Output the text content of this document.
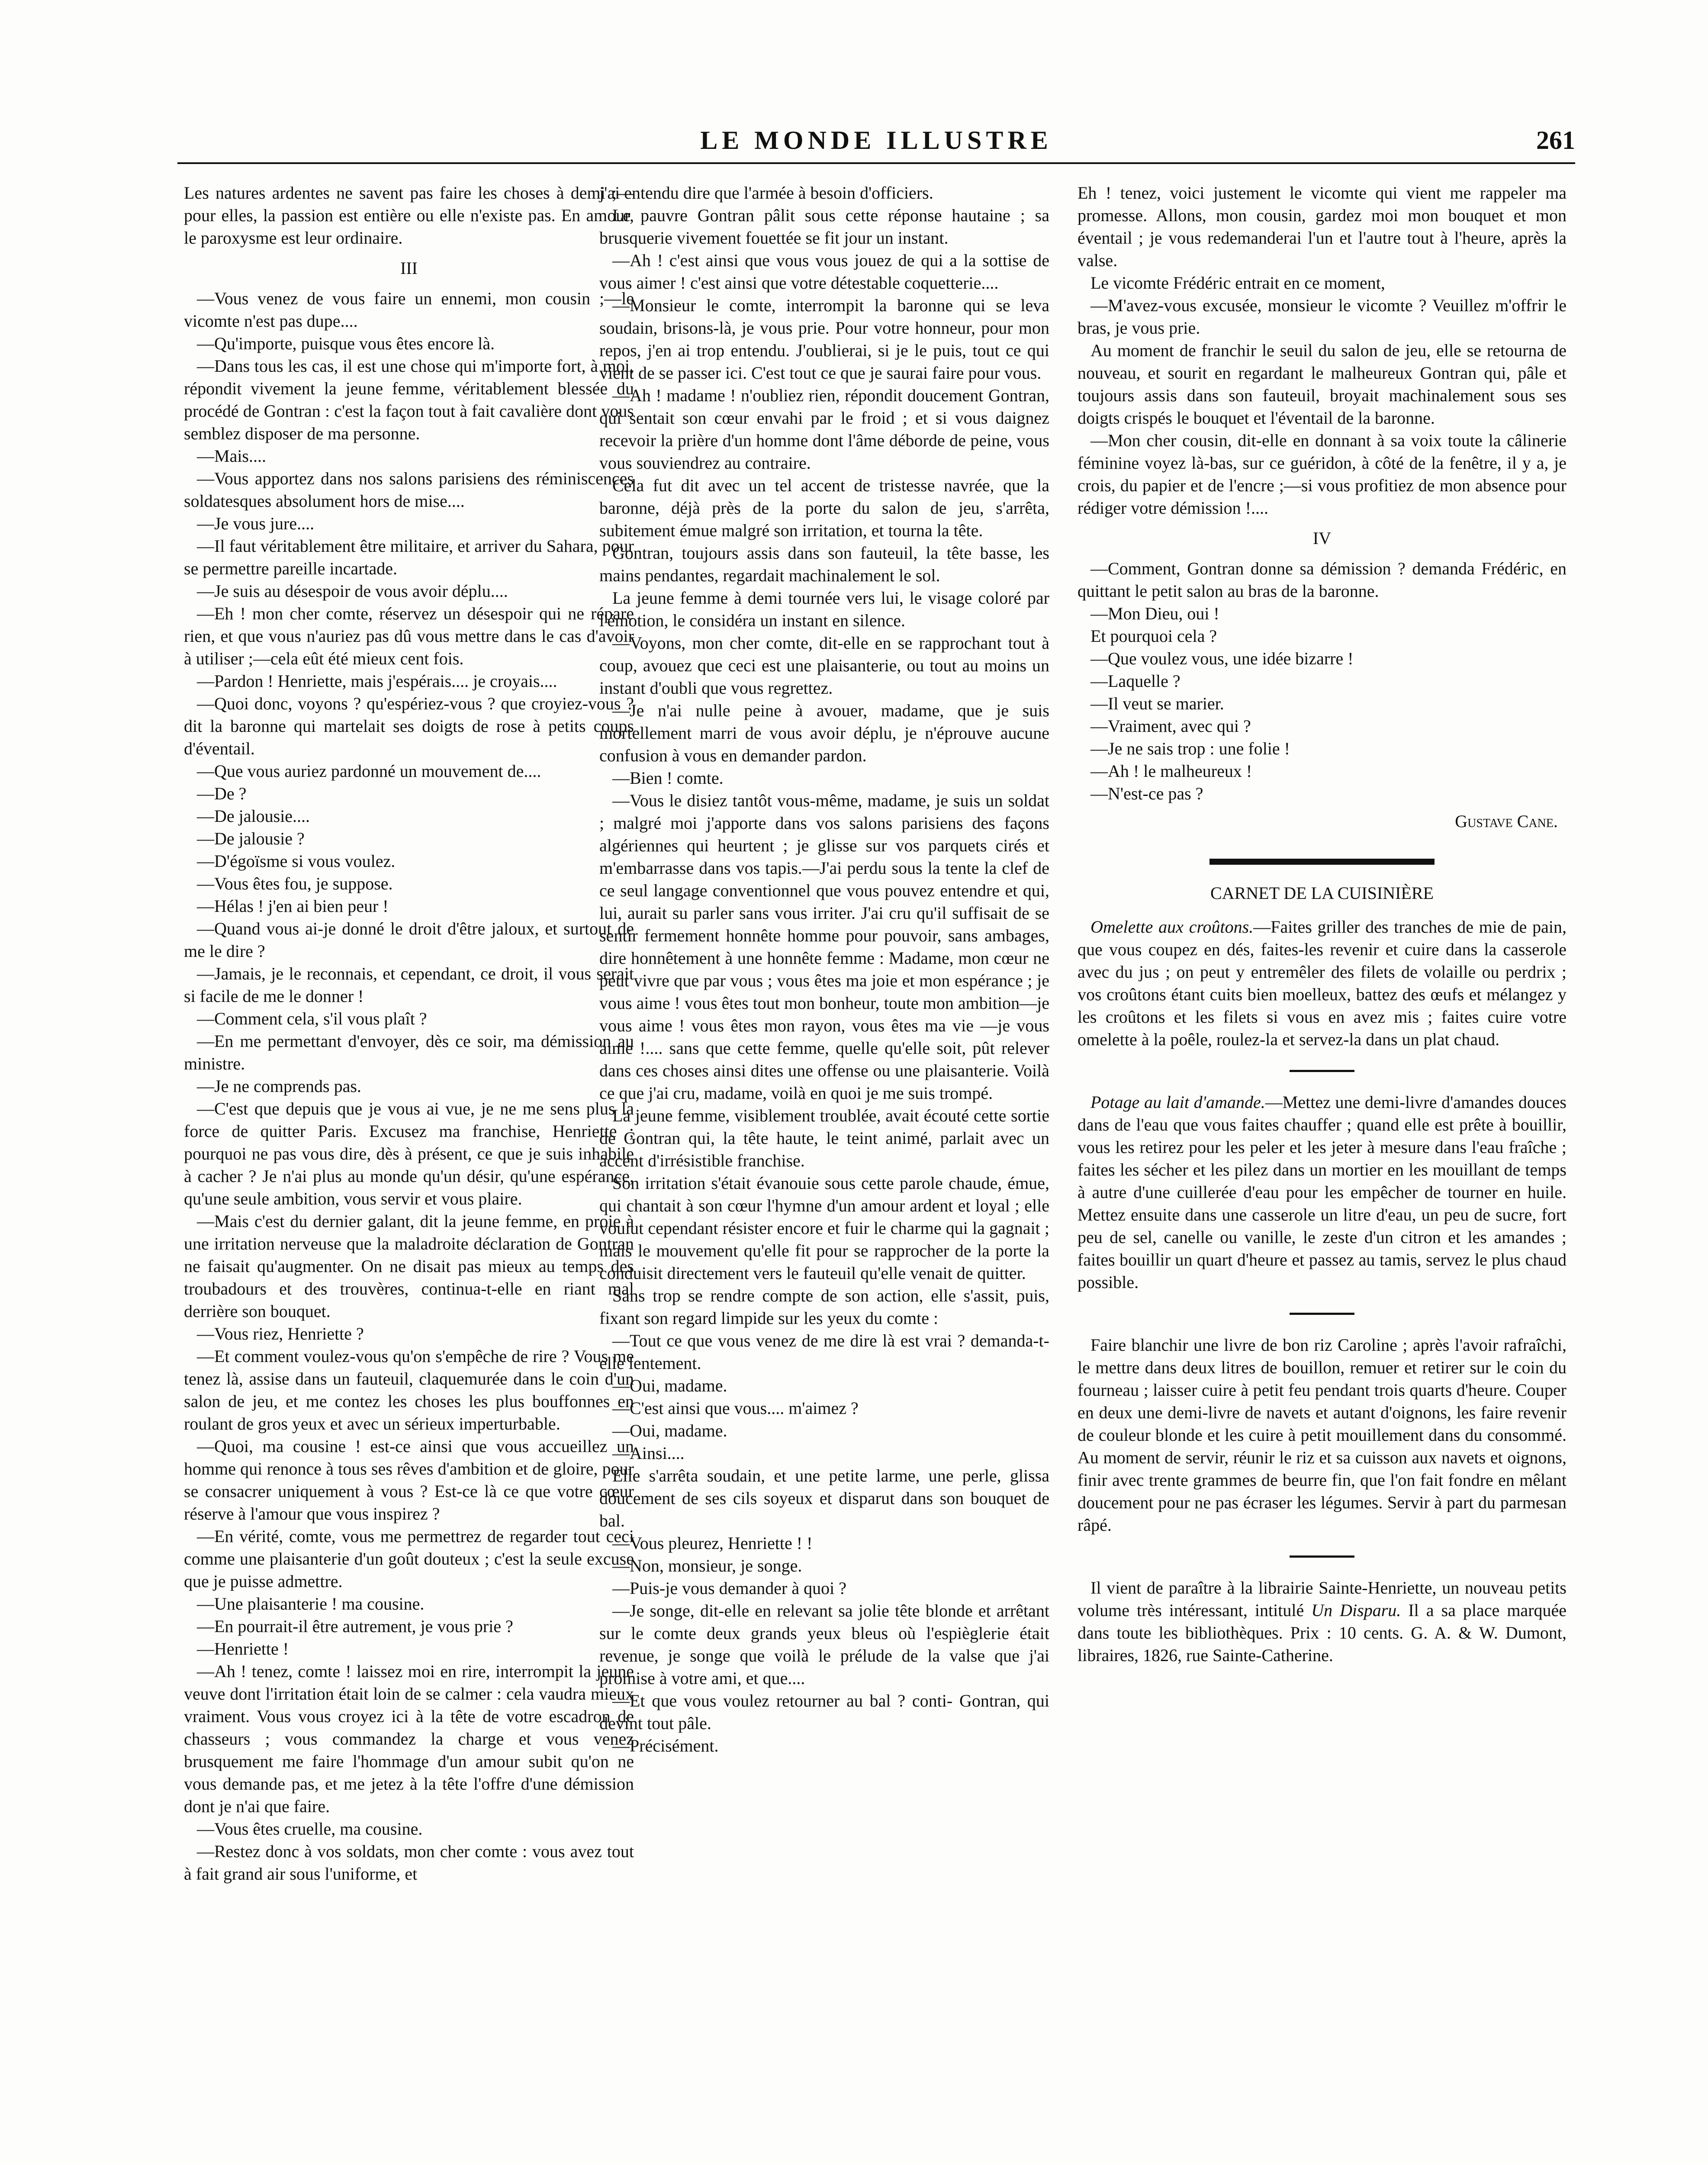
LE MONDE ILLUSTRE	261

Les natures ardentes ne savent pas faire les choses à demi ;—pour elles, la passion est entière ou elle n'existe pas. En amour, le paroxysme est leur ordinaire.

III

—Vous venez de vous faire un ennemi, mon cousin ;—le vicomte n'est pas dupe....

—Qu'importe, puisque vous êtes encore là.

—Dans tous les cas, il est une chose qui m'importe fort, à moi, répondit vivement la jeune femme, véritablement blessée du procédé de Gontran : c'est la façon tout à fait cavalière dont vous semblez disposer de ma personne.

—Mais....

—Vous apportez dans nos salons parisiens des réminiscences soldatesques absolument hors de mise....

—Je vous jure....

—Il faut véritablement être militaire, et arriver du Sahara, pour se permettre pareille incartade.

—Je suis au désespoir de vous avoir déplu....

—Eh ! mon cher comte, réservez un désespoir qui ne répare rien, et que vous n'auriez pas dû vous mettre dans le cas d'avoir à utiliser ;—cela eût été mieux cent fois.

—Pardon ! Henriette, mais j'espérais.... je croyais....

—Quoi donc, voyons ? qu'espériez-vous ? que croyiez-vous ? dit la baronne qui martelait ses doigts de rose à petits coups d'éventail.

—Que vous auriez pardonné un mouvement de....

—De ?

—De jalousie....

—De jalousie ?

—D'égoïsme si vous voulez.

—Vous êtes fou, je suppose.

—Hélas ! j'en ai bien peur !

—Quand vous ai-je donné le droit d'être jaloux, et surtout de me le dire ?

—Jamais, je le reconnais, et cependant, ce droit, il vous serait si facile de me le donner !

—Comment cela, s'il vous plaît ?

—En me permettant d'envoyer, dès ce soir, ma démission au ministre.

—Je ne comprends pas.

—C'est que depuis que je vous ai vue, je ne me sens plus la force de quitter Paris. Excusez ma franchise, Henriette ; pourquoi ne pas vous dire, dès à présent, ce que je suis inhabile à cacher ? Je n'ai plus au monde qu'un désir, qu'une espérance, qu'une seule ambition, vous servir et vous plaire.

—Mais c'est du dernier galant, dit la jeune femme, en proie à une irritation nerveuse que la maladroite déclaration de Gontran ne faisait qu'augmenter. On ne disait pas mieux au temps des troubadours et des trouvères, continua-t-elle en riant mal derrière son bouquet.

—Vous riez, Henriette ?

—Et comment voulez-vous qu'on s'empêche de rire ? Vous me tenez là, assise dans un fauteuil, claquemurée dans le coin d'un salon de jeu, et me contez les choses les plus bouffonnes en roulant de gros yeux et avec un sérieux imperturbable.

—Quoi, ma cousine ! est-ce ainsi que vous accueillez un homme qui renonce à tous ses rêves d'ambition et de gloire, pour se consacrer uniquement à vous ? Est-ce là ce que votre cœur réserve à l'amour que vous inspirez ?

—En vérité, comte, vous me permettrez de regarder tout ceci comme une plaisanterie d'un goût douteux ; c'est la seule excuse que je puisse admettre.

—Une plaisanterie ! ma cousine.

—En pourrait-il être autrement, je vous prie ?

—Henriette !

—Ah ! tenez, comte ! laissez moi en rire, interrompit la jeune veuve dont l'irritation était loin de se calmer : cela vaudra mieux vraiment. Vous vous croyez ici à la tête de votre escadron de chasseurs ; vous commandez la charge et vous venez brusquement me faire l'hommage d'un amour subit qu'on ne vous demande pas, et me jetez à la tête l'offre d'une démission dont je n'ai que faire.

—Vous êtes cruelle, ma cousine.

—Restez donc à vos soldats, mon cher comte : vous avez tout à fait grand air sous l'uniforme, et

j'ai entendu dire que l'armée à besoin d'officiers.

Le pauvre Gontran pâlit sous cette réponse hautaine ; sa brusquerie vivement fouettée se fit jour un instant.

—Ah ! c'est ainsi que vous vous jouez de qui a la sottise de vous aimer ! c'est ainsi que votre détestable coquetterie....

—Monsieur le comte, interrompit la baronne qui se leva soudain, brisons-là, je vous prie. Pour votre honneur, pour mon repos, j'en ai trop entendu. J'oublierai, si je le puis, tout ce qui vient de se passer ici. C'est tout ce que je saurai faire pour vous.

—Ah ! madame ! n'oubliez rien, répondit doucement Gontran, qui sentait son cœur envahi par le froid ; et si vous daignez recevoir la prière d'un homme dont l'âme déborde de peine, vous vous souviendrez au contraire.

Cela fut dit avec un tel accent de tristesse navrée, que la baronne, déjà près de la porte du salon de jeu, s'arrêta, subitement émue malgré son irritation, et tourna la tête.

Gontran, toujours assis dans son fauteuil, la tête basse, les mains pendantes, regardait machinalement le sol.

La jeune femme à demi tournée vers lui, le visage coloré par l'émotion, le considéra un instant en silence.

—Voyons, mon cher comte, dit-elle en se rapprochant tout à coup, avouez que ceci est une plaisanterie, ou tout au moins un instant d'oubli que vous regrettez.

—Je n'ai nulle peine à avouer, madame, que je suis mortellement marri de vous avoir déplu, je n'éprouve aucune confusion à vous en demander pardon.

—Bien ! comte.

—Vous le disiez tantôt vous-même, madame, je suis un soldat ; malgré moi j'apporte dans vos salons parisiens des façons algériennes qui heurtent ; je glisse sur vos parquets cirés et m'embarrasse dans vos tapis.—J'ai perdu sous la tente la clef de ce seul langage conventionnel que vous pouvez entendre et qui, lui, aurait su parler sans vous irriter. J'ai cru qu'il suffisait de se sentir fermement honnête homme pour pouvoir, sans ambages, dire honnêtement à une honnête femme : Madame, mon cœur ne peut vivre que par vous ; vous êtes ma joie et mon espérance ; je vous aime ! vous êtes tout mon bonheur, toute mon ambition—je vous aime ! vous êtes mon rayon, vous êtes ma vie —je vous aime !.... sans que cette femme, quelle qu'elle soit, pût relever dans ces choses ainsi dites une offense ou une plaisanterie. Voilà ce que j'ai cru, madame, voilà en quoi je me suis trompé.

La jeune femme, visiblement troublée, avait écouté cette sortie de Gontran qui, la tête haute, le teint animé, parlait avec un accent d'irrésistible franchise.

Son irritation s'était évanouie sous cette parole chaude, émue, qui chantait à son cœur l'hymne d'un amour ardent et loyal ; elle voulut cependant résister encore et fuir le charme qui la gagnait ; mais le mouvement qu'elle fit pour se rapprocher de la porte la conduisit directement vers le fauteuil qu'elle venait de quitter.

Sans trop se rendre compte de son action, elle s'assit, puis, fixant son regard limpide sur les yeux du comte :

—Tout ce que vous venez de me dire là est vrai ? demanda-t-elle lentement.

—Oui, madame.

—C'est ainsi que vous.... m'aimez ?

—Oui, madame.

—Ainsi....

Elle s'arrêta soudain, et une petite larme, une perle, glissa doucement de ses cils soyeux et disparut dans son bouquet de bal.

—Vous pleurez, Henriette ! !

—Non, monsieur, je songe.

—Puis-je vous demander à quoi ?

—Je songe, dit-elle en relevant sa jolie tête blonde et arrêtant sur le comte deux grands yeux bleus où l'espièglerie était revenue, je songe que voilà le prélude de la valse que j'ai promise à votre ami, et que....

—Et que vous voulez retourner au bal ? conti- Gontran, qui devint tout pâle.

—Précisément.

Eh ! tenez, voici justement le vicomte qui vient me rappeler ma promesse. Allons, mon cousin, gardez moi mon bouquet et mon éventail ; je vous redemanderai l'un et l'autre tout à l'heure, après la valse.

Le vicomte Frédéric entrait en ce moment,

—M'avez-vous excusée, monsieur le vicomte ? Veuillez m'offrir le bras, je vous prie.

Au moment de franchir le seuil du salon de jeu, elle se retourna de nouveau, et sourit en regardant le malheureux Gontran qui, pâle et toujours assis dans son fauteuil, broyait machinalement sous ses doigts crispés le bouquet et l'éventail de la baronne.

—Mon cher cousin, dit-elle en donnant à sa voix toute la câlinerie féminine voyez là-bas, sur ce guéridon, à côté de la fenêtre, il y a, je crois, du papier et de l'encre ;—si vous profitiez de mon absence pour rédiger votre démission !....

IV

—Comment, Gontran donne sa démission ? demanda Frédéric, en quittant le petit salon au bras de la baronne.

—Mon Dieu, oui !

Et pourquoi cela ?

—Que voulez vous, une idée bizarre !

—Laquelle ?

—Il veut se marier.

—Vraiment, avec qui ?

—Je ne sais trop : une folie !

—Ah ! le malheureux !

—N'est-ce pas ?

Gustave Cane.
CARNET DE LA CUISINIÈRE

Omelette aux croûtons.—Faites griller des tranches de mie de pain, que vous coupez en dés, faites-les revenir et cuire dans la casserole avec du jus ; on peut y entremêler des filets de volaille ou perdrix ; vos croûtons étant cuits bien moelleux, battez des œufs et mélangez y les croûtons et les filets si vous en avez mis ; faites cuire votre omelette à la poêle, roulez-la et servez-la dans un plat chaud.

Potage au lait d'amande.—Mettez une demi-livre d'amandes douces dans de l'eau que vous faites chauffer ; quand elle est prête à bouillir, vous les retirez pour les peler et les jeter à mesure dans l'eau fraîche ; faites les sécher et les pilez dans un mortier en les mouillant de temps à autre d'une cuillerée d'eau pour les empêcher de tourner en huile. Mettez ensuite dans une casserole un litre d'eau, un peu de sucre, fort peu de sel, canelle ou vanille, le zeste d'un citron et les amandes ; faites bouillir un quart d'heure et passez au tamis, servez le plus chaud possible.

Faire blanchir une livre de bon riz Caroline ; après l'avoir rafraîchi, le mettre dans deux litres de bouillon, remuer et retirer sur le coin du fourneau ; laisser cuire à petit feu pendant trois quarts d'heure. Couper en deux une demi-livre de navets et autant d'oignons, les faire revenir de couleur blonde et les cuire à petit mouillement dans du consommé. Au moment de servir, réunir le riz et sa cuisson aux navets et oignons, finir avec trente grammes de beurre fin, que l'on fait fondre en mêlant doucement pour ne pas écraser les légumes. Servir à part du parmesan râpé.

Il vient de paraître à la librairie Sainte-Henriette, un nouveau petits volume très intéressant, intitulé Un Disparu. Il a sa place marquée dans toute les bibliothèques. Prix : 10 cents. G. A. & W. Dumont, libraires, 1826, rue Sainte-Catherine.
